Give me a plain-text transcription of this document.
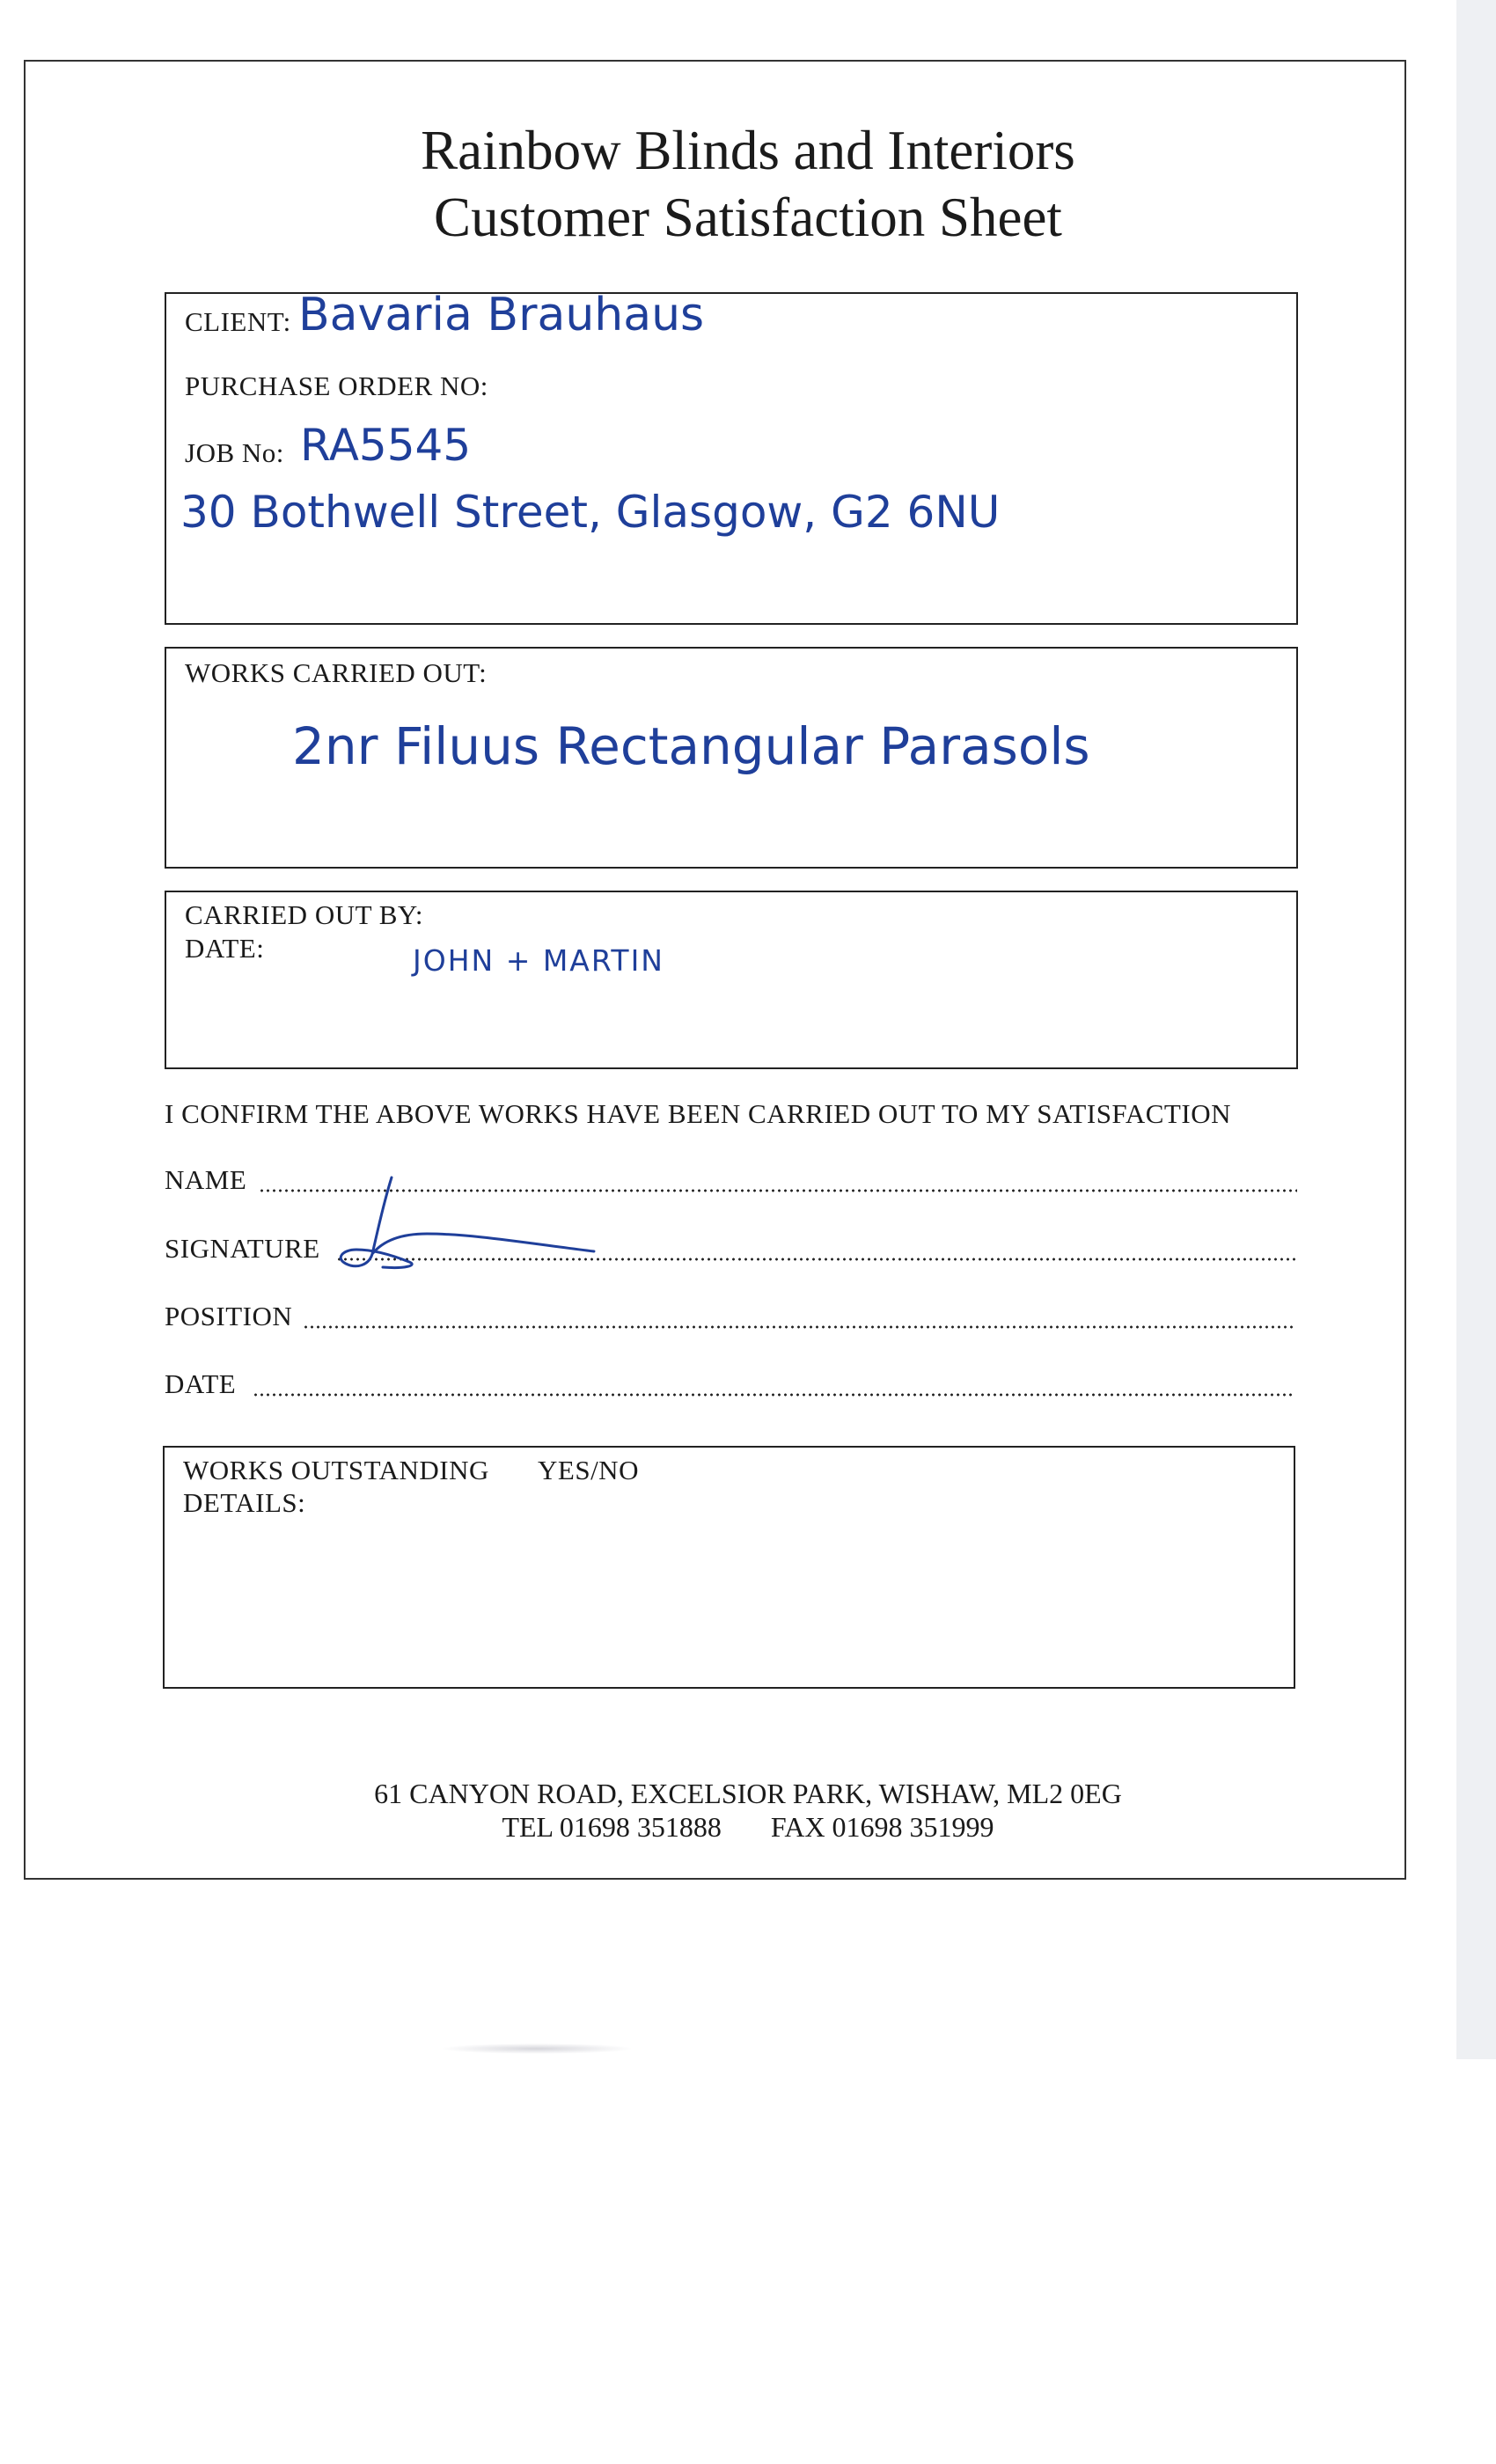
Rainbow Blinds and Interiors
Customer Satisfaction Sheet
CLIENT: Bavaria Brauhaus
PURCHASE ORDER NO:
JOB No: RA5545
30 Bothwell Street, Glasgow, G2 6NU
WORKS CARRIED OUT:
2nr Filuus Rectangular Parasols
CARRIED OUT BY:
DATE:	JOHN + MARTIN
I CONFIRM THE ABOVE WORKS HAVE BEEN CARRIED OUT TO MY SATISFACTION
NAME
SIGNATURE
POSITION
DATE
WORKS OUTSTANDING YES/NO
DETAILS:
61 CANYON ROAD, EXCELSIOR PARK, WISHAW, ML2 0EG
TEL 01698 351888 FAX 01698 351999
